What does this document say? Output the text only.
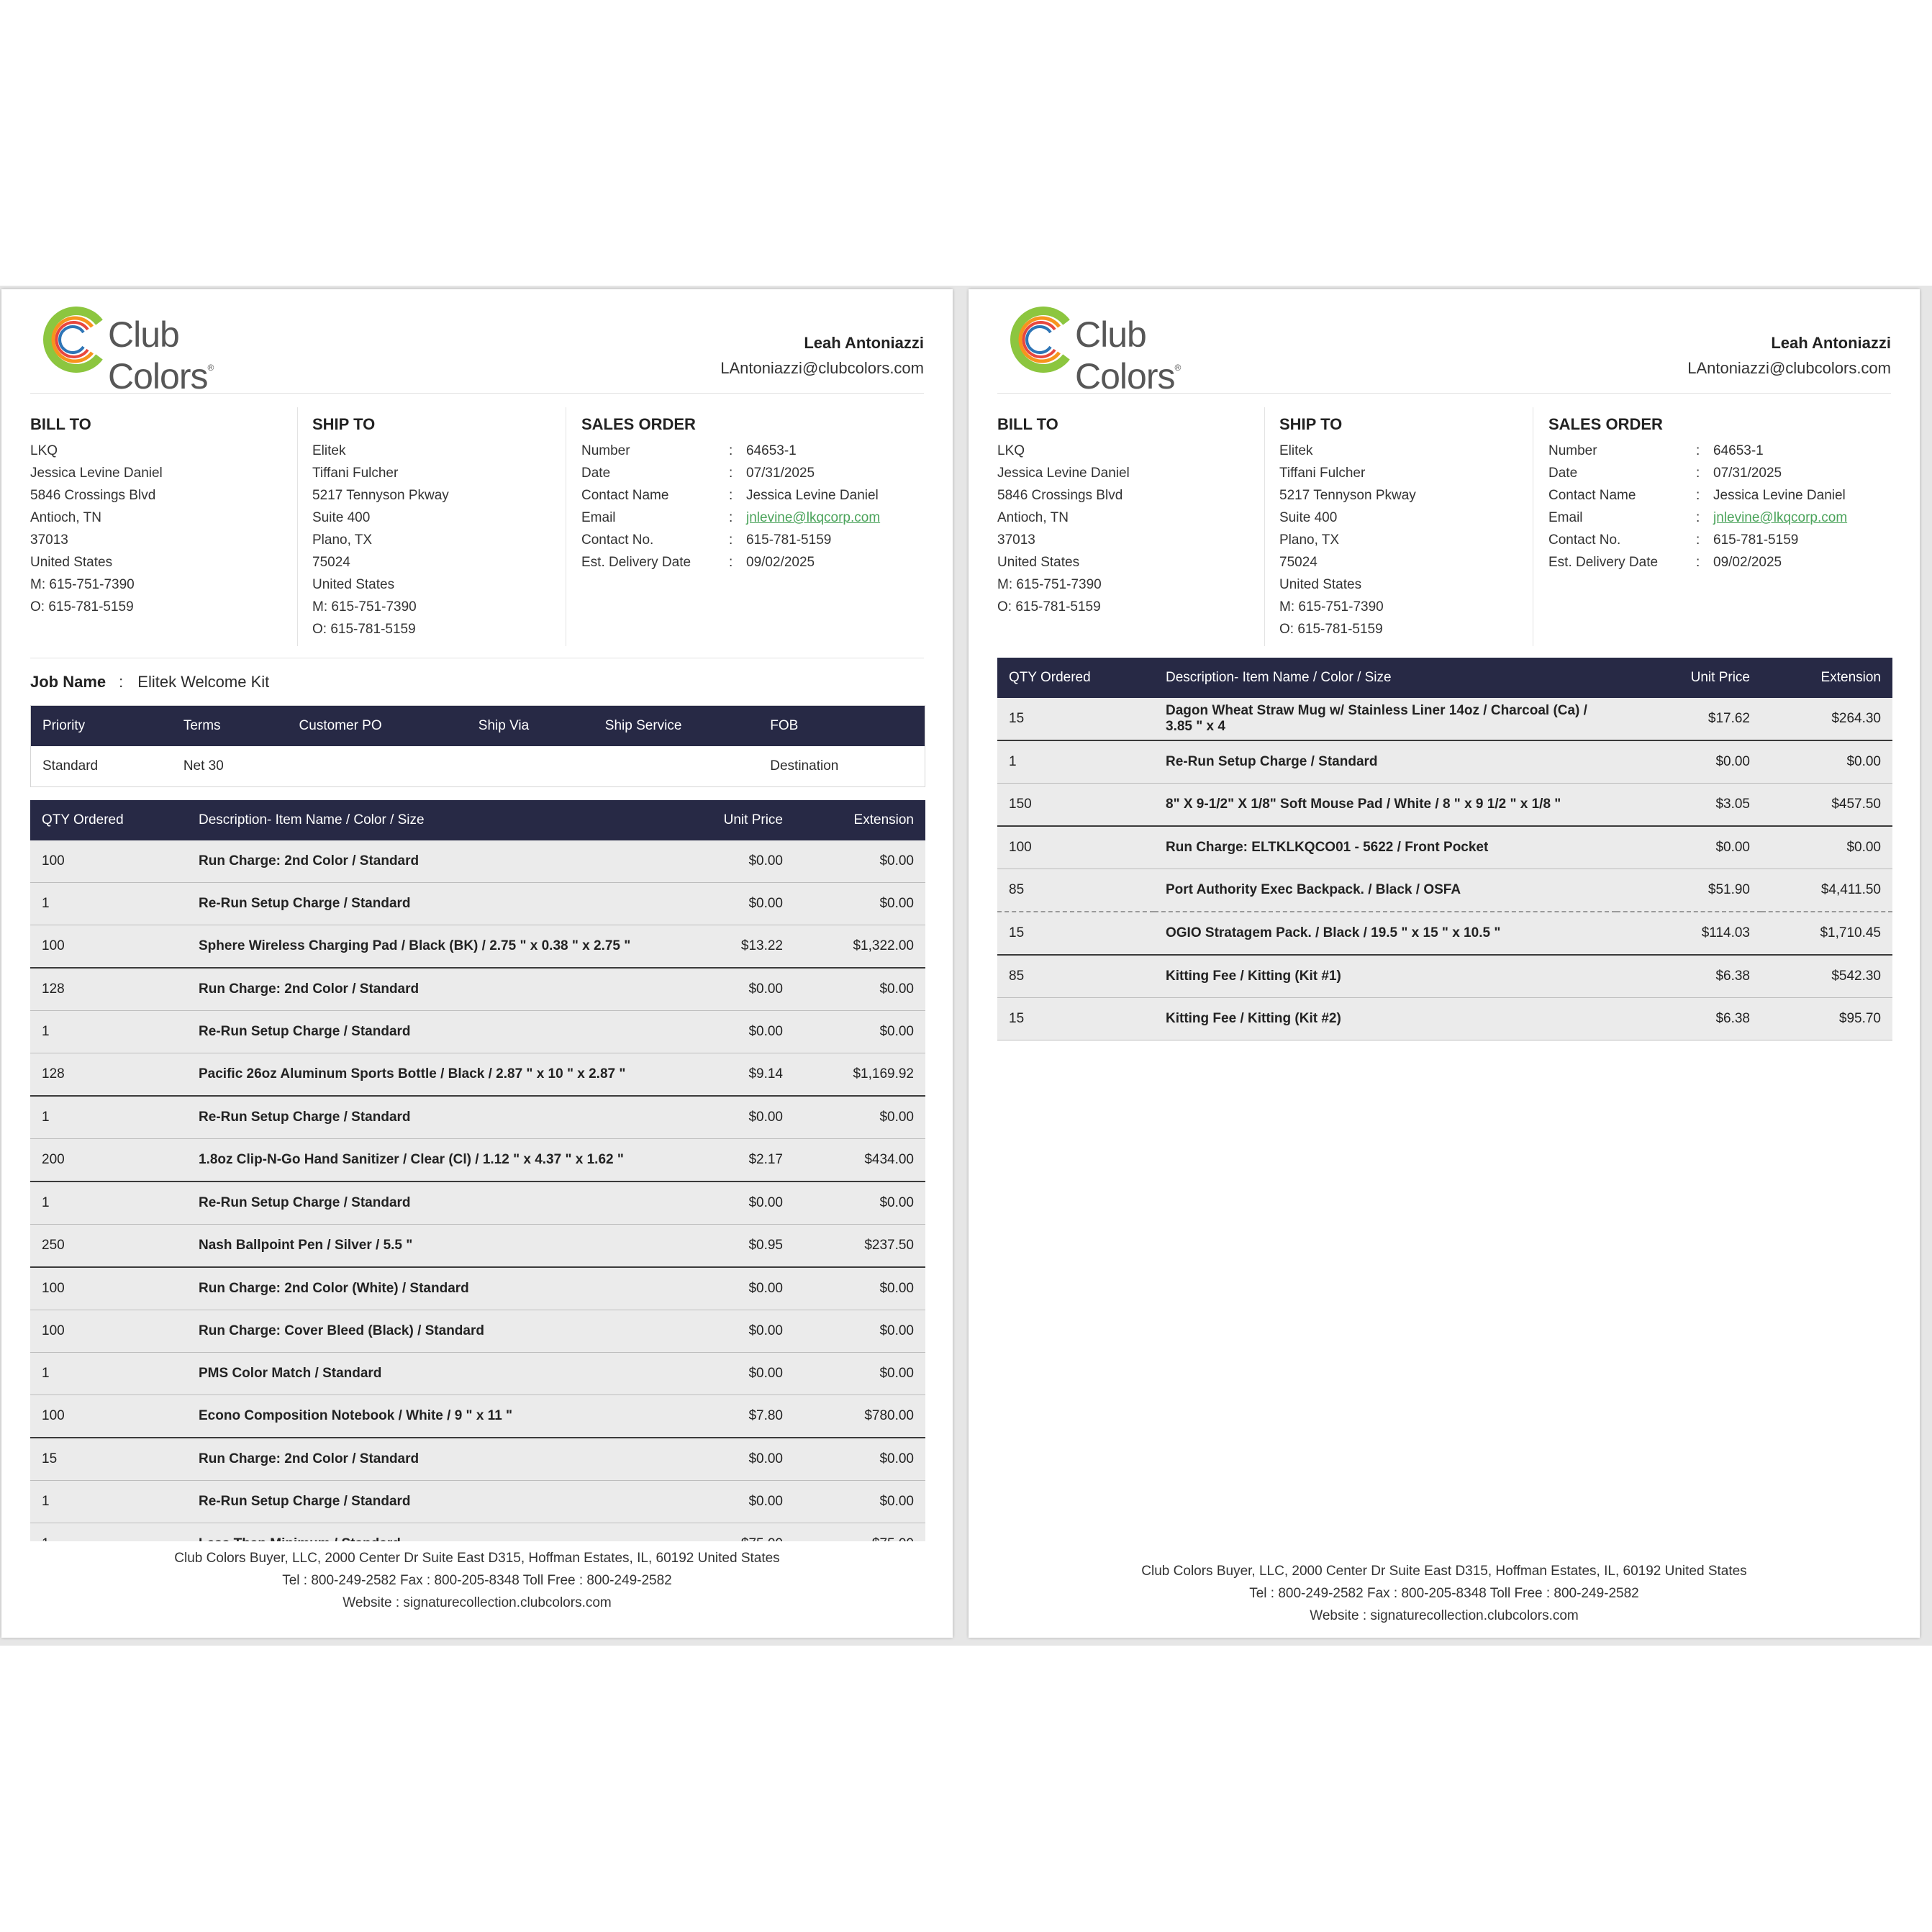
Club Colors®
Leah Antoniazzi
LAntoniazzi@clubcolors.com
BILL TO
LKQ
Jessica Levine Daniel
5846 Crossings Blvd
Antioch, TN
37013
United States
M: 615-751-7390
O: 615-781-5159
SHIP TO
Elitek
Tiffani Fulcher
5217 Tennyson Pkway
Suite 400
Plano, TX
75024
United States
M: 615-751-7390
O: 615-781-5159
SALES ORDER
Number	: 64653-1
Date	: 07/31/2025
Contact Name	: Jessica Levine Daniel
Email	: jnlevine@lkqcorp.com
Contact No.	: 615-781-5159
Est. Delivery Date	: 09/02/2025
Job Name : Elitek Welcome Kit
Priority	Terms	Customer PO	Ship Via	Ship Service	FOB
Standard	Net 30				Destination
QTY Ordered	Description- Item Name / Color / Size	Unit Price	Extension
100	Run Charge: 2nd Color / Standard	$0.00	$0.00
1	Re-Run Setup Charge / Standard	$0.00	$0.00
100	Sphere Wireless Charging Pad / Black (BK) / 2.75 " x 0.38 " x 2.75 "	$13.22	$1,322.00
128	Run Charge: 2nd Color / Standard	$0.00	$0.00
1	Re-Run Setup Charge / Standard	$0.00	$0.00
128	Pacific 26oz Aluminum Sports Bottle / Black / 2.87 " x 10 " x 2.87 "	$9.14	$1,169.92
1	Re-Run Setup Charge / Standard	$0.00	$0.00
200	1.8oz Clip-N-Go Hand Sanitizer / Clear (Cl) / 1.12 " x 4.37 " x 1.62 "	$2.17	$434.00
1	Re-Run Setup Charge / Standard	$0.00	$0.00
250	Nash Ballpoint Pen / Silver / 5.5 "	$0.95	$237.50
100	Run Charge: 2nd Color (White) / Standard	$0.00	$0.00
100	Run Charge: Cover Bleed (Black) / Standard	$0.00	$0.00
1	PMS Color Match / Standard	$0.00	$0.00
100	Econo Composition Notebook / White / 9 " x 11 "	$7.80	$780.00
15	Run Charge: 2nd Color / Standard	$0.00	$0.00
1	Re-Run Setup Charge / Standard	$0.00	$0.00

Club Colors Buyer, LLC, 2000 Center Dr Suite East D315, Hoffman Estates, IL, 60192 United States
Tel : 800-249-2582 Fax : 800-205-8348 Toll Free : 800-249-2582
Website : signaturecollection.clubcolors.com
Club Colors®
Leah Antoniazzi
LAntoniazzi@clubcolors.com
BILL TO
LKQ
Jessica Levine Daniel
5846 Crossings Blvd
Antioch, TN
37013
United States
M: 615-751-7390
O: 615-781-5159
SHIP TO
Elitek
Tiffani Fulcher
5217 Tennyson Pkway
Suite 400
Plano, TX
75024
United States
M: 615-751-7390
O: 615-781-5159
SALES ORDER
Number	: 64653-1
Date	: 07/31/2025
Contact Name	: Jessica Levine Daniel
Email	: jnlevine@lkqcorp.com
Contact No.	: 615-781-5159
Est. Delivery Date	: 09/02/2025
QTY Ordered	Description- Item Name / Color / Size	Unit Price	Extension
15	Dagon Wheat Straw Mug w/ Stainless Liner 14oz / Charcoal (Ca) / 3.85 " x 4	$17.62	$264.30
1	Re-Run Setup Charge / Standard	$0.00	$0.00
150	8" X 9-1/2" X 1/8" Soft Mouse Pad / White / 8 " x 9 1/2 " x 1/8 "	$3.05	$457.50
100	Run Charge: ELTKLKQCO01 - 5622 / Front Pocket	$0.00	$0.00
85	Port Authority Exec Backpack. / Black / OSFA	$51.90	$4,411.50
15	OGIO Stratagem Pack. / Black / 19.5 " x 15 " x 10.5 "	$114.03	$1,710.45
85	Kitting Fee / Kitting (Kit #1)	$6.38	$542.30
15	Kitting Fee / Kitting (Kit #2)	$6.38	$95.70
Club Colors Buyer, LLC, 2000 Center Dr Suite East D315, Hoffman Estates, IL, 60192 United States
Tel : 800-249-2582 Fax : 800-205-8348 Toll Free : 800-249-2582
Website : signaturecollection.clubcolors.com
